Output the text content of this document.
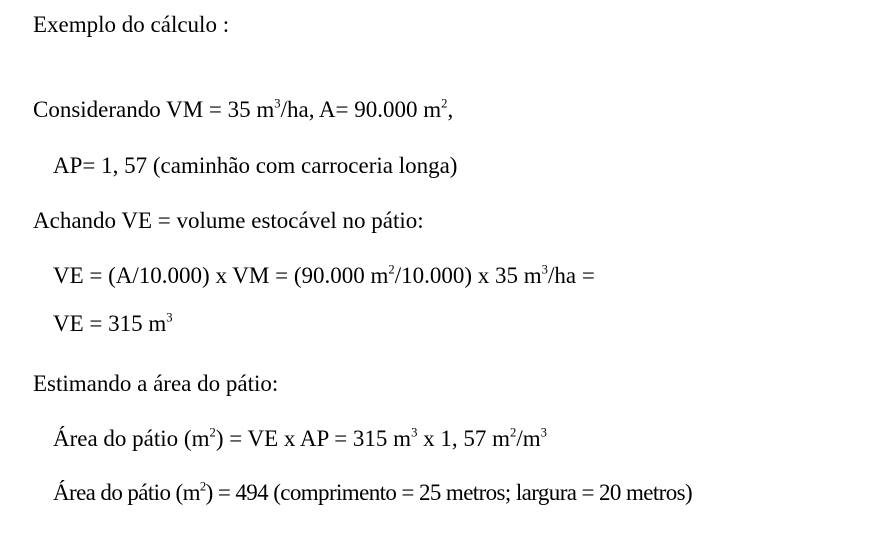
Exemplo do cálculo :
Considerando VM = 35 $m^3/ha$, A= 90.000 $m^2$,
AP= 1, 57 (caminhão com carroceria longa)
Achando VE = volume estocável no pátio:
VE = (A/10.000) x VM = (90.000 $m^2/10.000$) x 35 $m^3/ha$ =
VE = 315 $m^3$
Estimando a área do pátio:
Área do pátio $(m^2)$ = VE x AP = 315 $m^3$ x 1, 57 $m^2/m^3$
Área do pátio $(m^2) = 494$ (comprimento = 25 metros; largura = 20 metros)
